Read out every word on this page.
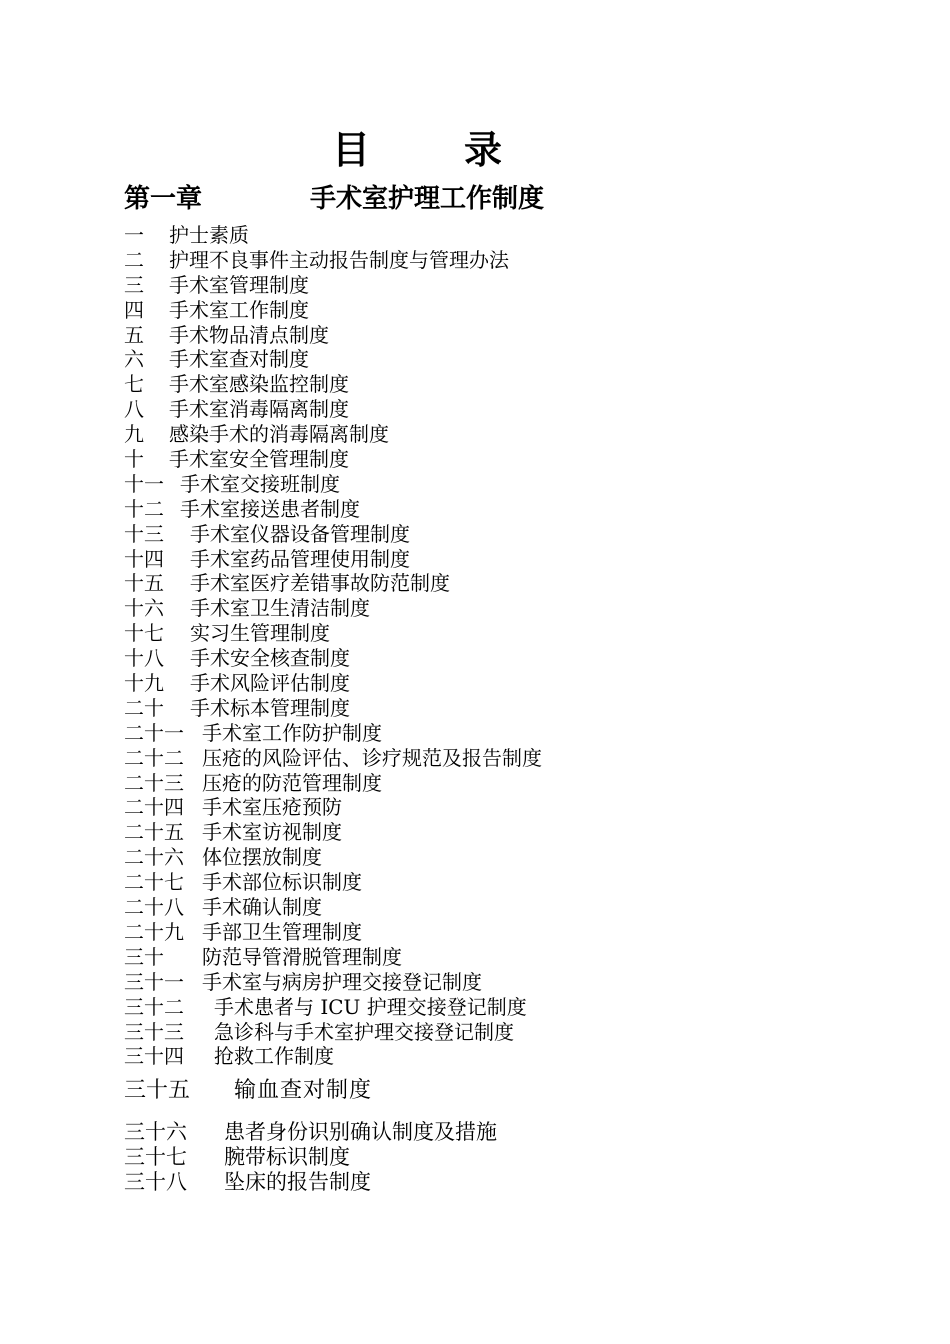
目　录
第一章	手术室护理工作制度
一 护士素质
二 护理不良事件主动报告制度与管理办法
三 手术室管理制度
四 手术室工作制度
五 手术物品清点制度
六 手术室查对制度
七 手术室感染监控制度
八 手术室消毒隔离制度
九 感染手术的消毒隔离制度
十 手术室安全管理制度
十一 手术室交接班制度
十二 手术室接送患者制度
十三 手术室仪器设备管理制度
十四 手术室药品管理使用制度
十五 手术室医疗差错事故防范制度
十六 手术室卫生清洁制度
十七 实习生管理制度
十八 手术安全核查制度
十九 手术风险评估制度
二十 手术标本管理制度
二十一 手术室工作防护制度
二十二 压疮的风险评估、诊疗规范及报告制度
二十三 压疮的防范管理制度
二十四 手术室压疮预防
二十五 手术室访视制度
二十六 体位摆放制度
二十七 手术部位标识制度
二十八 手术确认制度
二十九 手部卫生管理制度
三十 防范导管滑脱管理制度
三十一 手术室与病房护理交接登记制度
三十二 手术患者与 ICU 护理交接登记制度
三十三 急诊科与手术室护理交接登记制度
三十四 抢救工作制度
三十五 输血查对制度
三十六 患者身份识别确认制度及措施
三十七 腕带标识制度
三十八 坠床的报告制度
